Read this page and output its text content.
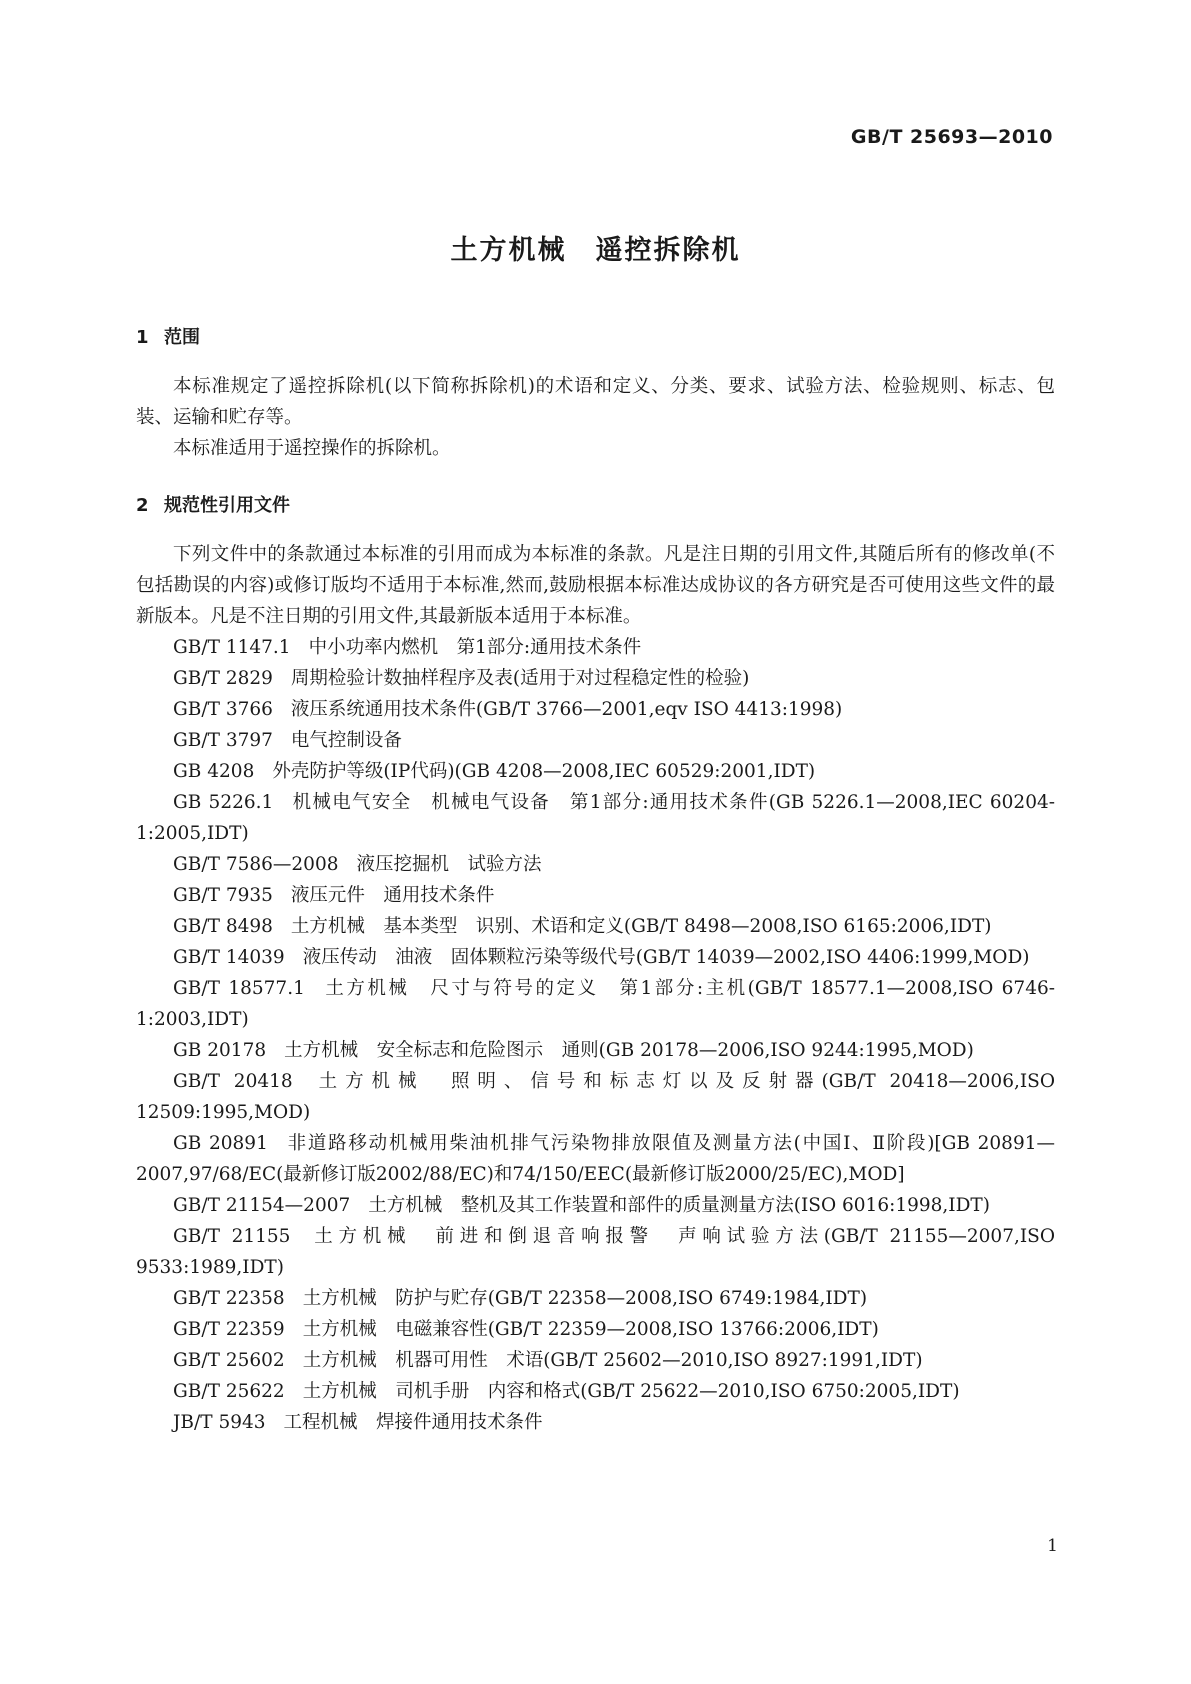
GB/T 25693—2010
土方机械　遥控拆除机

1 范围

本标准规定了遥控拆除机(以下简称拆除机)的术语和定义、分类、要求、试验方法、检验规则、标志、包装、运输和贮存等。

本标准适用于遥控操作的拆除机。

2 规范性引用文件

下列文件中的条款通过本标准的引用而成为本标准的条款。凡是注日期的引用文件,其随后所有的修改单(不包括勘误的内容)或修订版均不适用于本标准,然而,鼓励根据本标准达成协议的各方研究是否可使用这些文件的最新版本。凡是不注日期的引用文件,其最新版本适用于本标准。

GB/T 1147.1 中小功率内燃机　第1部分:通用技术条件

GB/T 2829 周期检验计数抽样程序及表(适用于对过程稳定性的检验)

GB/T 3766 液压系统通用技术条件(GB/T 3766—2001,eqv ISO 4413:1998)

GB/T 3797 电气控制设备

GB 4208 外壳防护等级(IP代码)(GB 4208—2008,IEC 60529:2001,IDT)

GB 5226.1 机械电气安全　机械电气设备　第1部分:通用技术条件(GB 5226.1—2008,IEC 60204-1:2005,IDT)

GB/T 7586—2008 液压挖掘机　试验方法

GB/T 7935 液压元件　通用技术条件

GB/T 8498 土方机械　基本类型　识别、术语和定义(GB/T 8498—2008,ISO 6165:2006,IDT)

GB/T 14039 液压传动　油液　固体颗粒污染等级代号(GB/T 14039—2002,ISO 4406:1999,MOD)

GB/T 18577.1 土方机械　尺寸与符号的定义　第1部分:主机(GB/T 18577.1—2008,ISO 6746-1:2003,IDT)

GB 20178 土方机械　安全标志和危险图示　通则(GB 20178—2006,ISO 9244:1995,MOD)

GB/T 20418 土方机械　照明、信号和标志灯以及反射器(GB/T 20418—2006,ISO 12509:1995,MOD)

GB 20891 非道路移动机械用柴油机排气污染物排放限值及测量方法(中国Ⅰ、Ⅱ阶段)[GB 20891—2007,97/68/EC(最新修订版2002/88/EC)和74/150/EEC(最新修订版2000/25/EC),MOD]

GB/T 21154—2007 土方机械　整机及其工作装置和部件的质量测量方法(ISO 6016:1998,IDT)

GB/T 21155 土方机械　前进和倒退音响报警　声响试验方法(GB/T 21155—2007,ISO 9533:1989,IDT)

GB/T 22358 土方机械　防护与贮存(GB/T 22358—2008,ISO 6749:1984,IDT)

GB/T 22359 土方机械　电磁兼容性(GB/T 22359—2008,ISO 13766:2006,IDT)

GB/T 25602 土方机械　机器可用性　术语(GB/T 25602—2010,ISO 8927:1991,IDT)

GB/T 25622 土方机械　司机手册　内容和格式(GB/T 25622—2010,ISO 6750:2005,IDT)

JB/T 5943 工程机械　焊接件通用技术条件

1
